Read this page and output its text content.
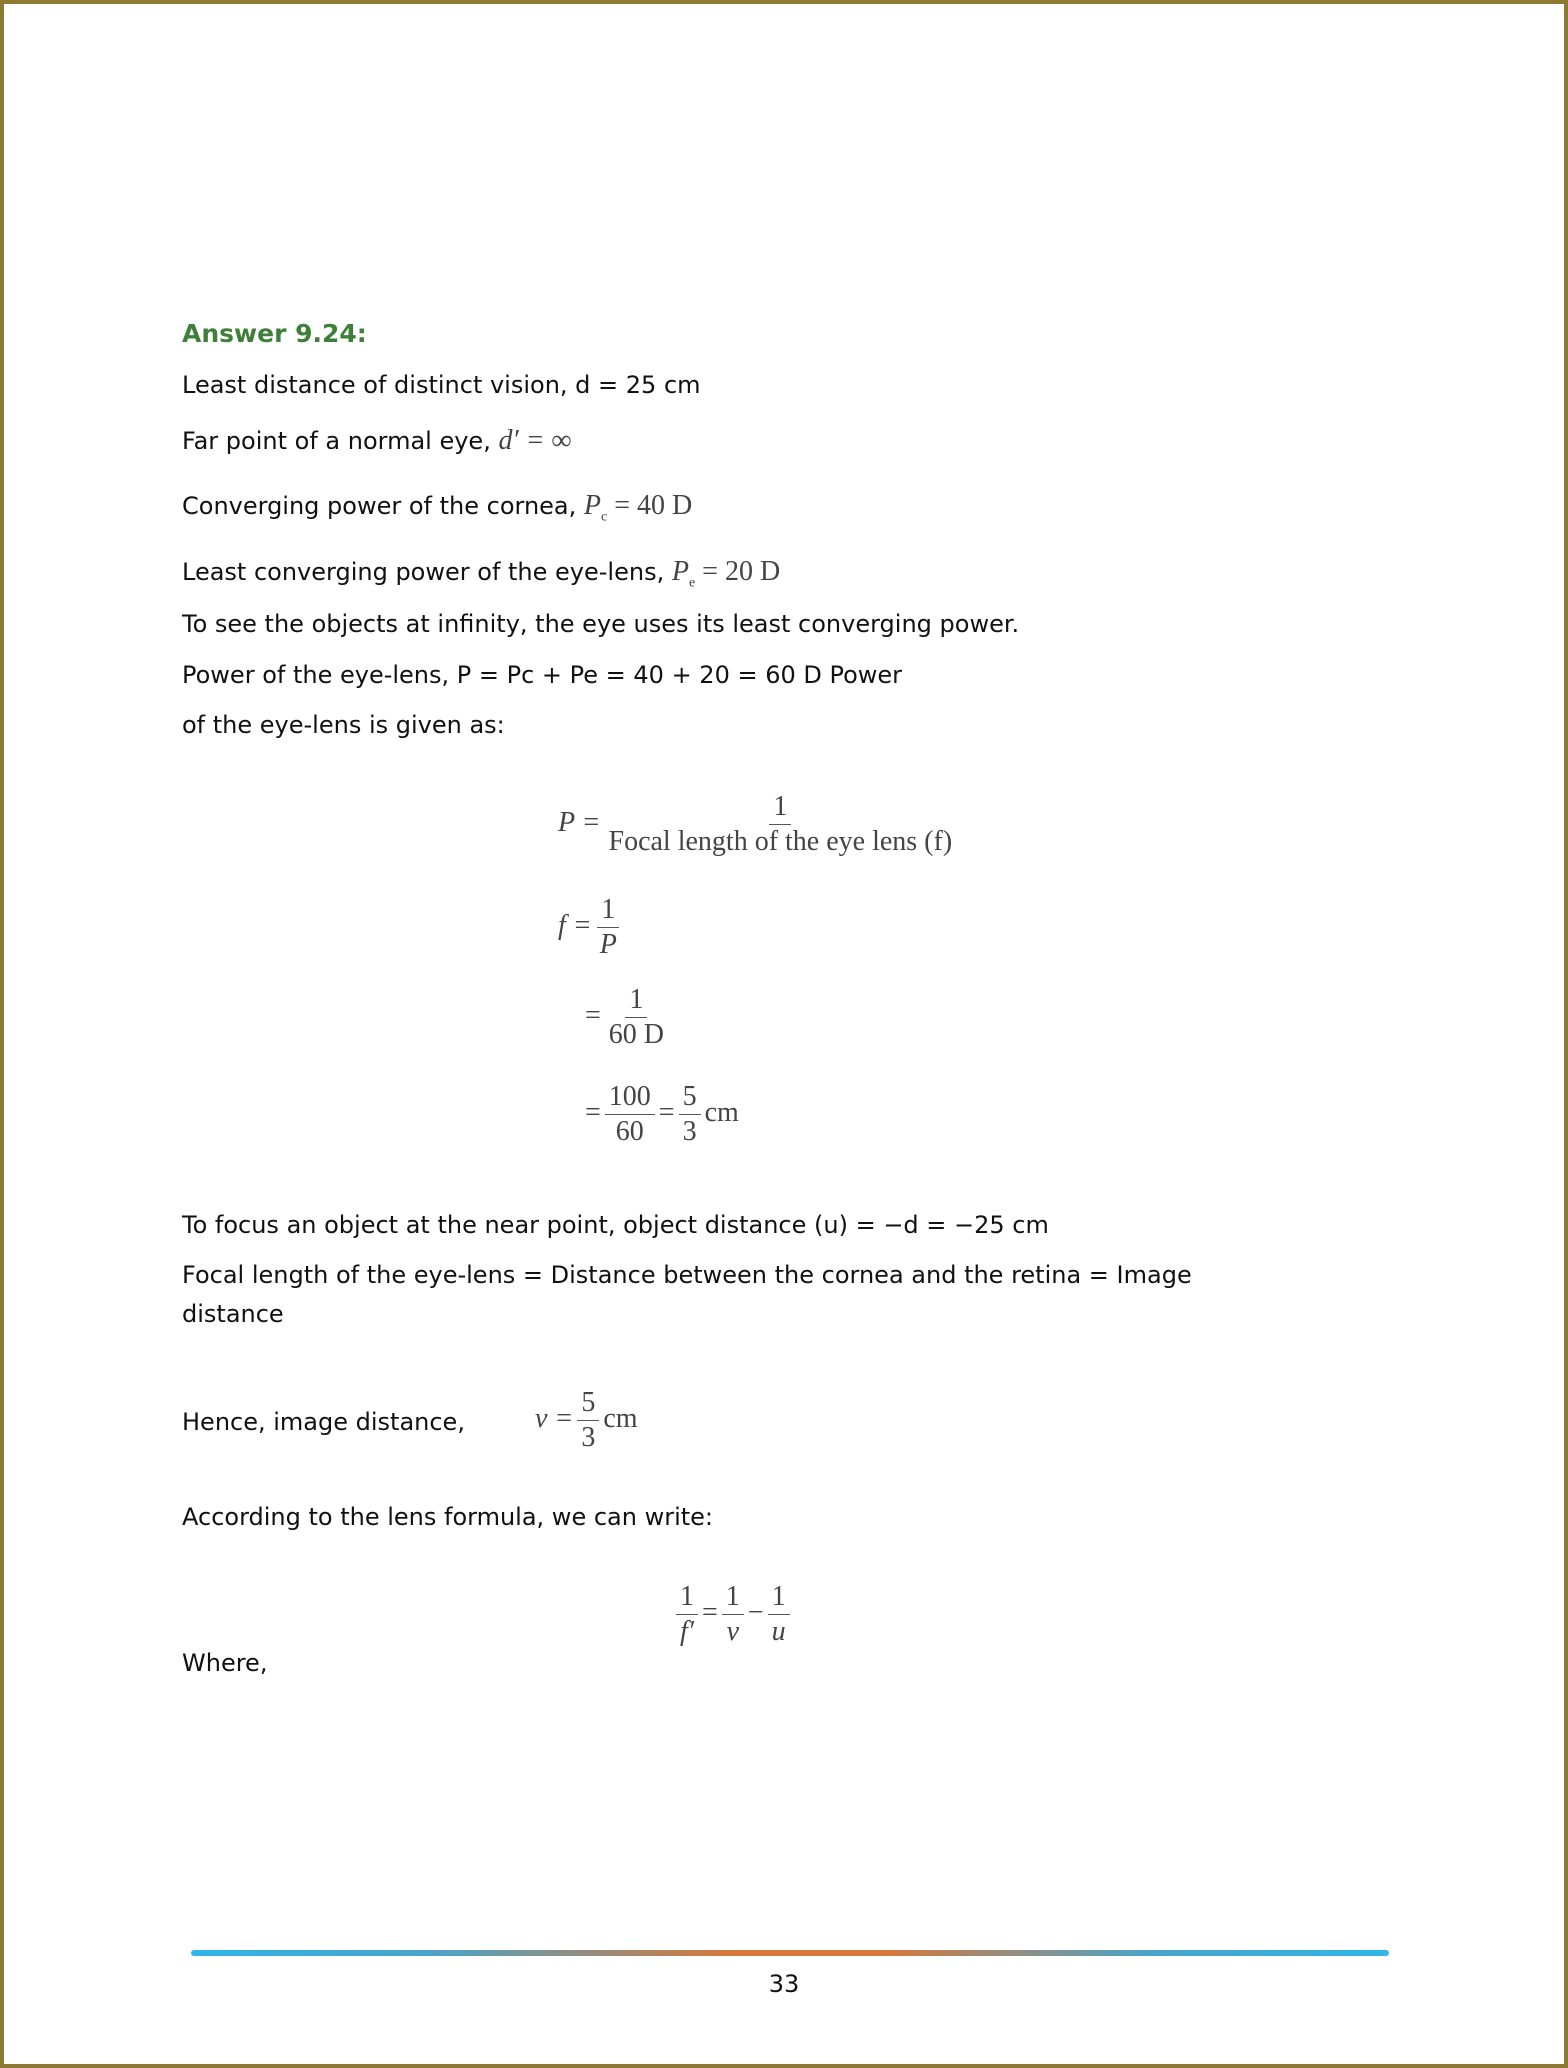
Answer 9.24:
Least distance of distinct vision, d = 25 cm
Far point of a normal eye, d′ = ∞
Converging power of the cornea, $P_c = 40$ D
Least converging power of the eye-lens, $P_e = 20$ D
To see the objects at infinity, the eye uses its least converging power.
Power of the eye-lens, P = Pc + Pe = 40 + 20 = 60 D Power
of the eye-lens is given as:
$P = \frac{1}{\text{Focal length of the eye lens (f)}}$
$f = \frac{1}{P}$
= $\frac{1}{60 D}$
= $\frac{100}{60} = \frac{5}{3}$ cm
To focus an object at the near point, object distance (u) = −d = −25 cm
Focal length of the eye-lens = Distance between the cornea and the retina = Image
distance
Hence, image distance,	$v = \frac{5}{3}$ cm
According to the lens formula, we can write:
$\frac{1}{f'} = \frac{1}{v} - \frac{1}{u}$
Where,
33
